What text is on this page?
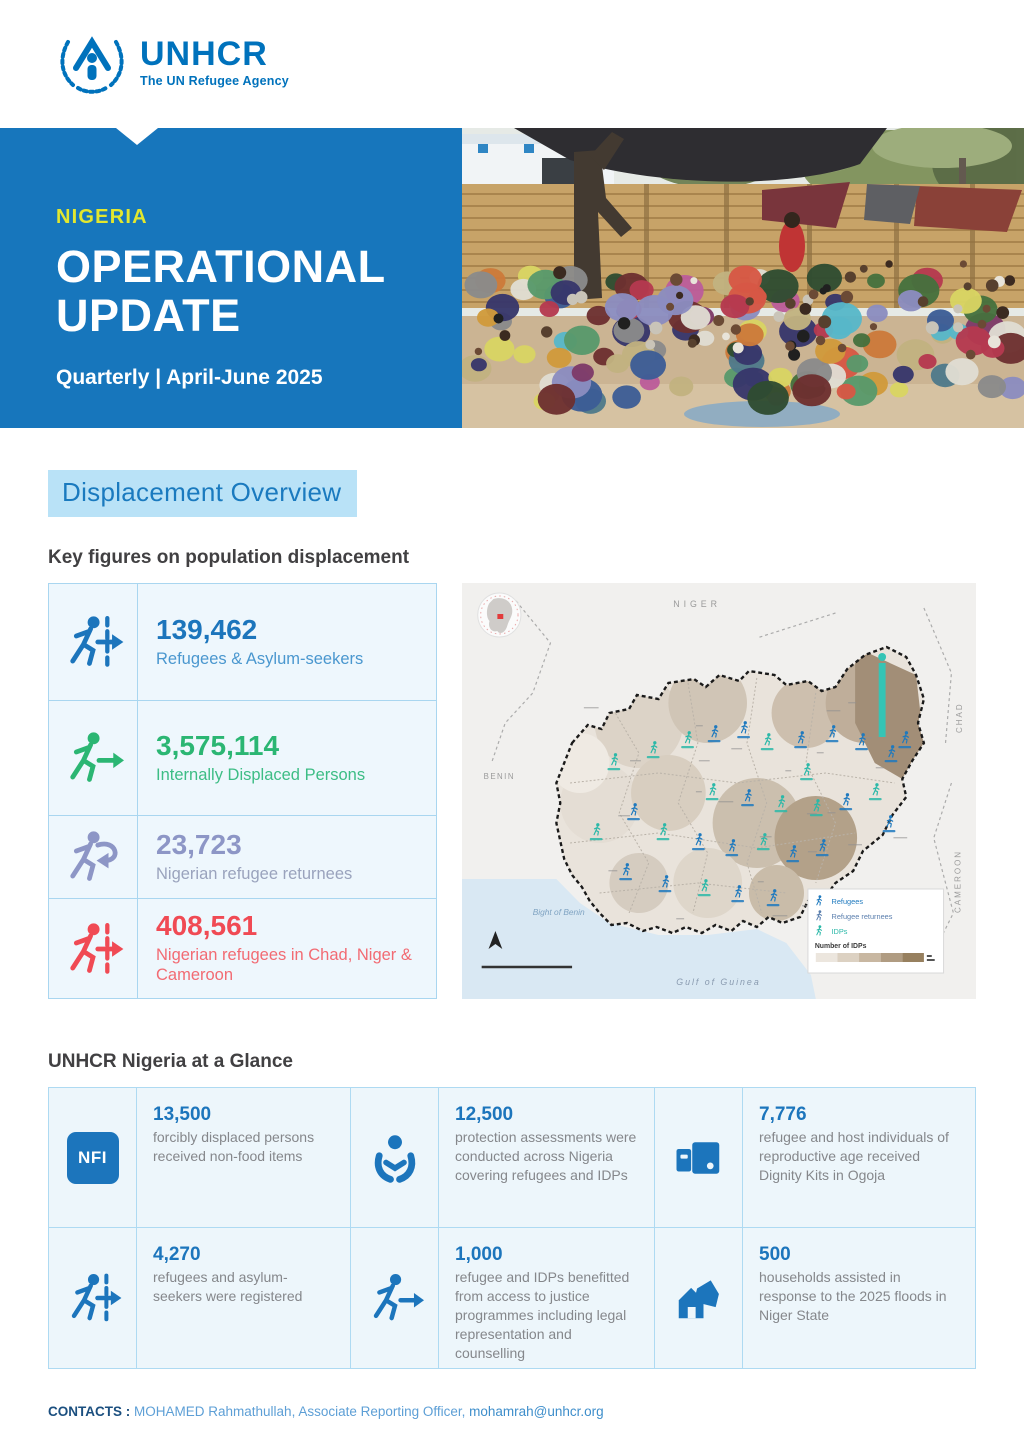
UNHCR
The UN Refugee Agency
NIGERIA
OPERATIONAL
UPDATE
Quarterly | April-June 2025
Displacement Overview
Key figures on population displacement
139,462
Refugees & Asylum-seekers
3,575,114
Internally Displaced Persons
23,723
Nigerian refugee returnees
408,561
Nigerian refugees in Chad, Niger & Cameroon
NIGER
CHAD
CAMEROON
BENIN
Bight of Benin
Gulf of Guinea
Refugees
Refugee returnees
IDPs
Number of IDPs
UNHCR Nigeria at a Glance
NFI
13,500
forcibly displaced persons received non-food items
12,500
protection assessments were conducted across Nigeria covering refugees and IDPs
7,776
refugee and host individuals of reproductive age received Dignity Kits in Ogoja
4,270
refugees and asylum-seekers were registered
1,000
refugee and IDPs benefitted from access to justice programmes including legal representation and counselling
500
households assisted in response to the 2025 floods in Niger State
CONTACTS : MOHAMED Rahmathullah, Associate Reporting Officer, mohamrah@unhcr.org
